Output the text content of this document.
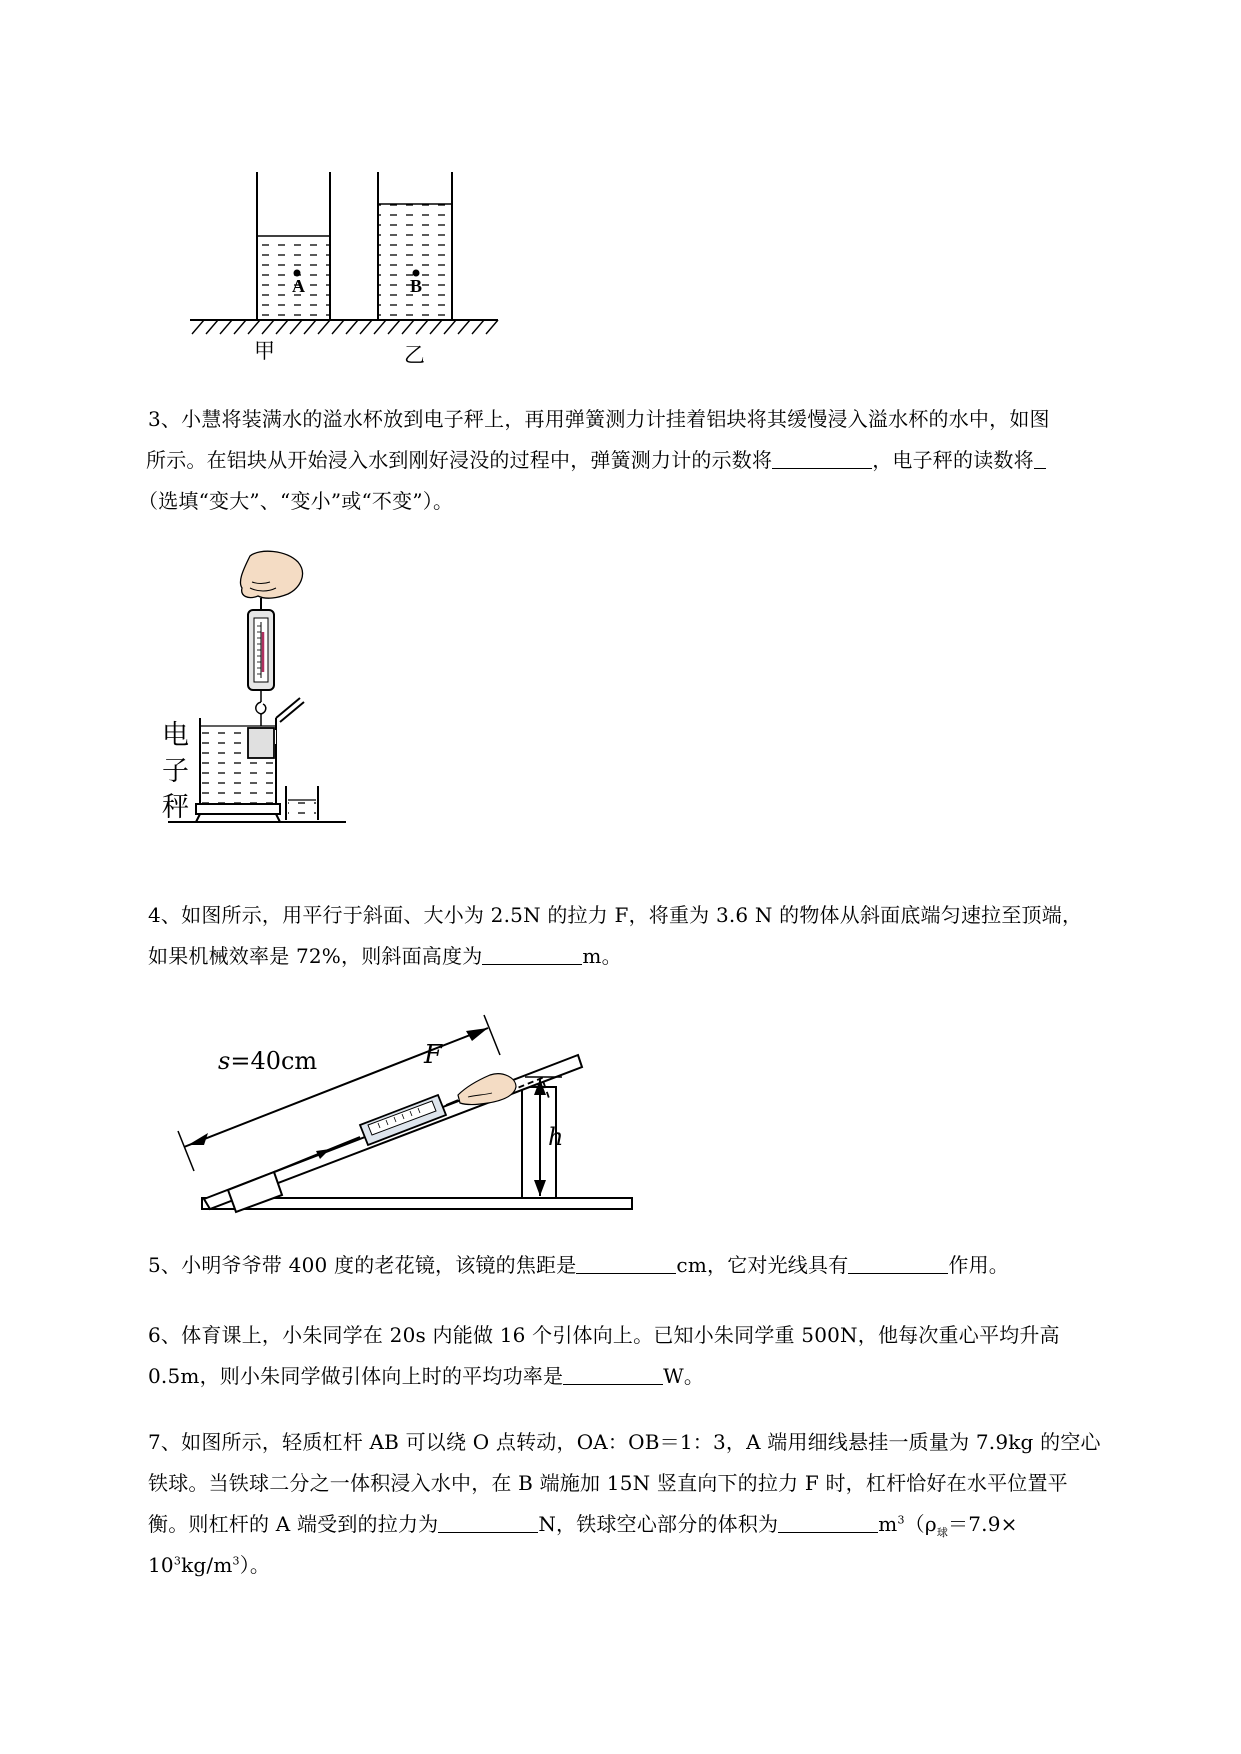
A	B
甲	乙
3、小慧将装满水的溢水杯放到电子秤上，再用弹簧测力计挂着铝块将其缓慢浸入溢水杯的水中，如图
所示。在铝块从开始浸入水到刚好浸没的过程中，弹簧测力计的示数将	，电子秤的读数将
（选填“变大”、“变小”或“不变”）。
电
子
秤
4、如图所示，用平行于斜面、大小为 2.5N 的拉力 F，将重为 3.6 N 的物体从斜面底端匀速拉至顶端，
如果机械效率是 72%，则斜面高度为	m。
s=40cm	F
h
5、小明爷爷带 400 度的老花镜，该镜的焦距是	cm，它对光线具有	作用。
6、体育课上，小朱同学在 20s 内能做 16 个引体向上。已知小朱同学重 500N，他每次重心平均升高
0.5m，则小朱同学做引体向上时的平均功率是	W。
7、如图所示，轻质杠杆 AB 可以绕 O 点转动，OA：OB＝1：3，A 端用细线悬挂一质量为 7.9kg 的空心
铁球。当铁球二分之一体积浸入水中，在 B 端施加 15N 竖直向下的拉力 F 时，杠杆恰好在水平位置平
衡。则杠杆的 A 端受到的拉力为	N，铁球空心部分的体积为	$m^3(\rho_球=7.9\times$
$10^3kg/m^3$）。
